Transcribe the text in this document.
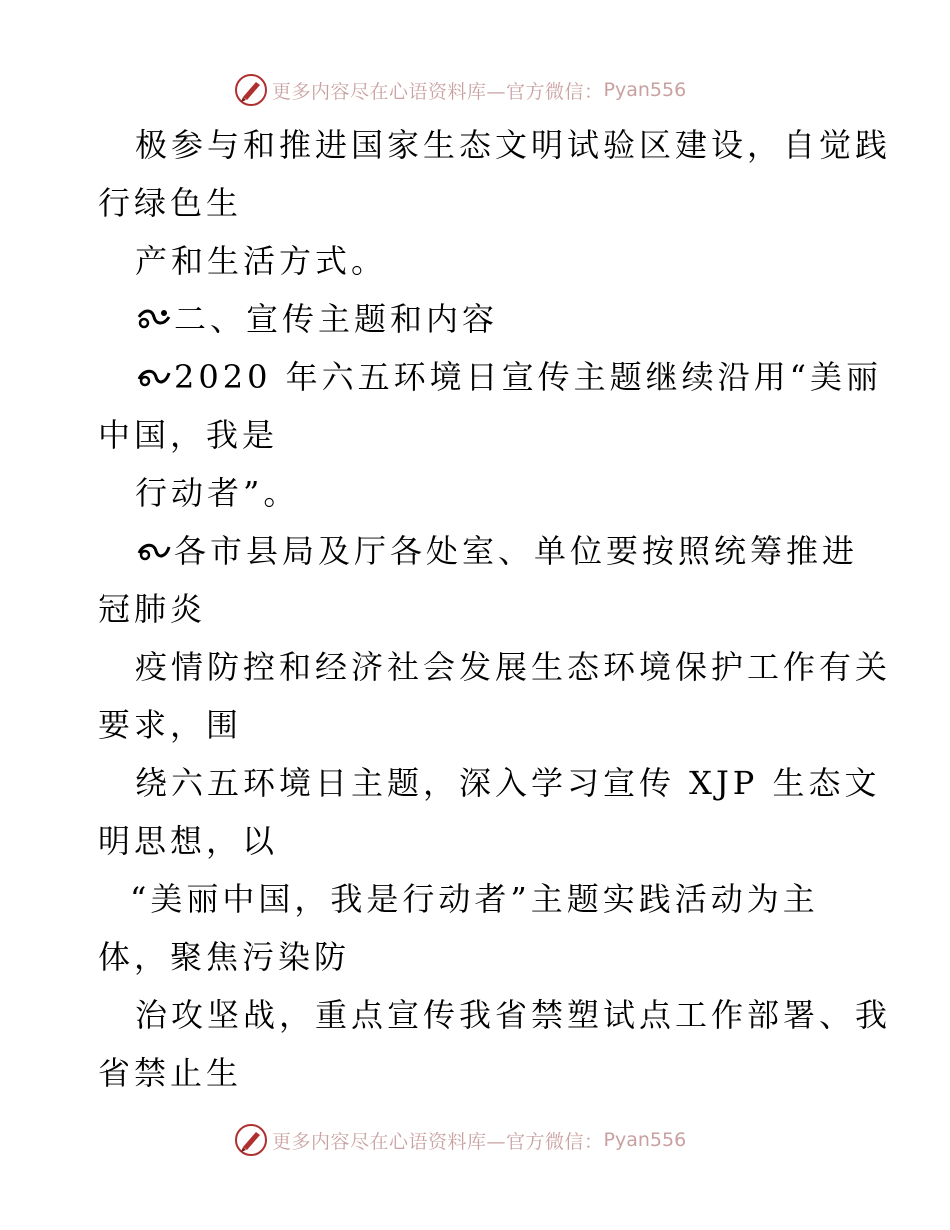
更多内容尽在心语资料库—官方微信： Pyan556
极参与和推进国家生态文明试验区建设，自觉践
行绿色生
产和生活方式。
二、宣传主题和内容
2020 年六五环境日宣传主题继续沿用“美丽
中国，我是
行动者”。
各市县局及厅各处室、单位要按照统筹推进
冠肺炎
疫情防控和经济社会发展生态环境保护工作有关
要求，围
绕六五环境日主题，深入学习宣传 XJP 生态文
明思想，以
“美丽中国，我是行动者”主题实践活动为主
体，聚焦污染防
治攻坚战，重点宣传我省禁塑试点工作部署、我
省禁止生
更多内容尽在心语资料库—官方微信： Pyan556
